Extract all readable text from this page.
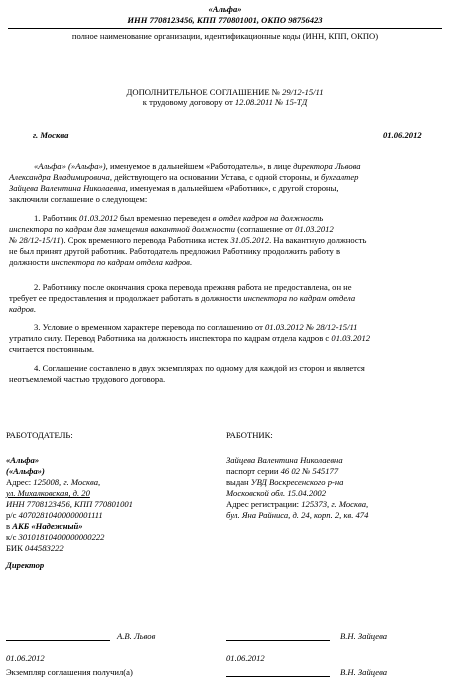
«Альфа»
ИНН 7708123456, КПП 770801001, ОКПО 98756423
полное наименование организации, идентификационные коды (ИНН, КПП, ОКПО)
ДОПОЛНИТЕЛЬНОЕ СОГЛАШЕНИЕ № 29/12-15/11
к трудовому договору от 12.08.2011 № 15-ТД
г. Москва	01.06.2012
«Альфа» (»Альфа»), именуемое в дальнейшем «Работодатель», в лице директора Львова
Александра Владимировича, действующего на основании Устава, с одной стороны, и бухгалтер
Зайцева Валентина Николаевна, именуемая в дальнейшем «Работник», с другой стороны,
заключили соглашение о следующем:
1. Работник 01.03.2012 был временно переведен в отдел кадров на должность
инспектора по кадрам для замещения вакантной должности (соглашение от 01.03.2012
№ 28/12-15/11). Срок временного перевода Работника истек 31.05.2012. На вакантную должность
не был принят другой работник. Работодатель предложил Работнику продолжить работу в
должности инспектора по кадрам отдела кадров.
2. Работнику после окончания срока перевода прежняя работа не предоставлена, он не
требует ее предоставления и продолжает работать в должности инспектора по кадрам отдела
кадров.
3. Условие о временном характере перевода по соглашению от 01.03.2012 № 28/12-15/11
утратило силу. Перевод Работника на должность инспектора по кадрам отдела кадров с 01.03.2012
считается постоянным.
4. Соглашение составлено в двух экземплярах по одному для каждой из сторон и является
неотъемлемой частью трудового договора.
РАБОТОДАТЕЛЬ:
«Альфа»
(«Альфа»)
Адрес: 125008, г. Москва,
ул. Михалковская, д. 20
ИНН 7708123456, КПП 770801001
р/с 40702810400000001111
в АКБ «Надежный»
к/с 30101810400000000222
БИК 044583222
Директор
РАБОТНИК:
Зайцева Валентина Николаевна
паспорт серии 46 02 № 545177
выдан УВД Воскресенского р-на
Московской обл. 15.04.2002
Адрес регистрации: 125373, г. Москва,
бул. Яна Райниса, д. 24, корп. 2, кв. 474
А.В. Львов	В.Н. Зайцева
01.06.2012	01.06.2012
Экземпляр соглашения получил(а)	В.Н. Зайцева
